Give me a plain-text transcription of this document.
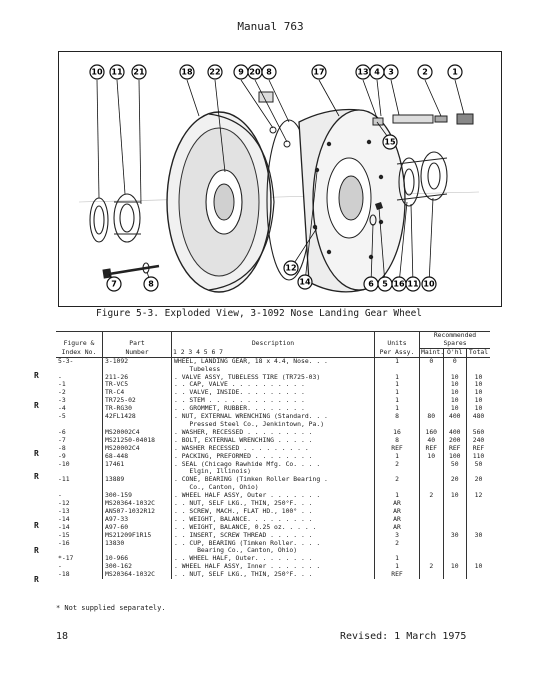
Manual 763
10 11 21	18 22 9 20 8	17	13 4 3	2	1
15
7	8
12
14	6 5 16 11 10
Figure 5-3. Exploded View, 3-1092 Nose Landing Gear Wheel
R
R
R
R
R
R
R
Figure &	Part	Description	Units	Recommended Spares		
Index No.	Number	1 2 3 4 5 6 7	Per Assy.	Maint.	O'hl	Total
5-3-	3-1092	WHEEL, LANDING GEAR, 18 x 4.4, Nose. . .	1	0	0	
		Tubeless				
-	211-26	. VALVE ASSY, TUBELESS TIRE (TR725-03)	1		10	10
-1	TR-VC5	. . CAP, VALVE . . . . . . . . . .	1		10	10
-2	TR-C4	. . VALVE, INSIDE. . . . . . . . .	1		10	10
-3	TR725-02	. . STEM . . . . . . . . . . . . .	1		10	10
-4	TR-RG30	. . GROMMET, RUBBER. . . . . . . .	1		10	10
-5	42FL1428	. NUT, EXTERNAL WRENCHING (Standard. . .	8	80	400	480
		Pressed Steel Co., Jenkintown, Pa.)				
-6	MS20002C4	. WASHER, RECESSED . . . . . . . . .	16	160	400	560
-7	MS21250-04018	. BOLT, EXTERNAL WRENCHING . . . . .	8	40	200	240
-8	MS20002C4	. WASHER RECESSED . . . . . . . . .	REF	REF	REF	REF
-9	68-448	. PACKING, PREFORMED . . . . . . . .	1	10	100	110
-10	17461	. SEAL (Chicago Rawhide Mfg. Co. . . .	2		50	50
		Elgin, Illinois)				
-11	13889	. CONE, BEARING (Timken Roller Bearing .	2		20	20
		Co., Canton, Ohio)				
-	300-159	. WHEEL HALF ASSY, Outer . . . . . . .	1	2	10	12
-12	MS20364-1032C	. . NUT, SELF LKG., THIN, 250°F. . .	AR			
-13	AN507-1032R12	. . SCREW, MACH., FLAT HD., 100° . .	AR			
-14	A97-33	. . WEIGHT, BALANCE. . . . . . . . .	AR			
-14	A97-60	. . WEIGHT, BALANCE, 0.25 oz. . . . .	AR			
-15	MS21209F1R15	. . INSERT, SCREW THREAD . . . . . .	3		30	30
-16	13830	. . CUP, BEARING (Timken Roller. . . .	2			
		Bearing Co., Canton, Ohio)				
*-17	10-966	. . WHEEL HALF, Outer. . . . . . . .	1			
-	300-162	. WHEEL HALF ASSY, Inner . . . . . . .	1	2	10	10
-18	MS20364-1032C	. . NUT, SELF LKG., THIN, 250°F. . .	REF			
* Not supplied separately.
18	Revised: 1 March 1975
